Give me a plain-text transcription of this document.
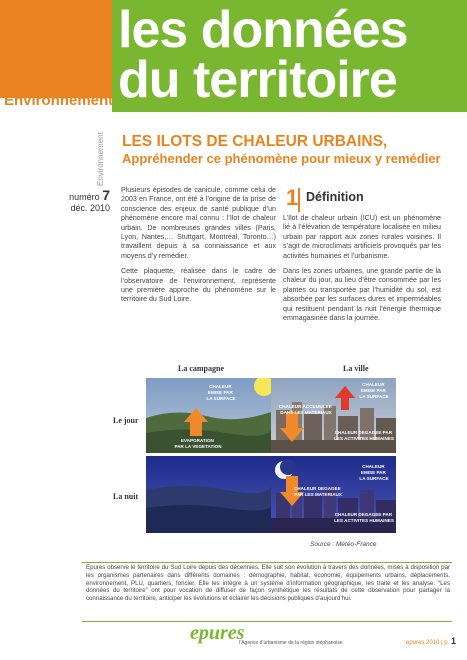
les données
du territoire
Environnement
Environnement	LES ILOTS DE CHALEUR URBAINS,
Appréhender ce phénomène pour mieux y remédier
numéro 7
déc. 2010

Plusieurs épisodes de canicule, comme celui de 2003 en France, ont été à l’origine de la prise de conscience des enjeux de santé publique d’un phénomène encore mal connu : l’Ilot de chaleur urbain. De nombreuses grandes villes (Paris, Lyon, Nantes,… Stuttgart, Montréal, Toronto…) travaillent depuis à sa connaissance et aux moyens d’y remédier.

Cette plaquette, réalisée dans le cadre de l’observatoire de l’environnement, représente une première approche du phénomène sur le territoire du Sud Loire.

1 Définition

L’Ilot de chaleur urbain (ICU) est un phénomène lié à l’élévation de température localisée en milieu urbain par rapport aux zones rurales voisines. Il s’agit de microclimats artificiels provoqués par les activités humaines et l’urbanisme.

Dans les zones urbaines, une grande partie de la chaleur du jour, au lieu d’être consommée par les plantes ou transportée par l’humidité du sol, est absorbée par les surfaces dures et imperméables qui restituent pendant la nuit l’énergie thermique emmagasinée dans la journée.

La campagne	La ville
Le jour
La nuit
CHALEUR EMISE PAR LA SURFACE
EVAPORATION PAR LA VEGETATION
CHALEUR EMISE PAR LA SURFACE
CHALEUR ACCUMULEE DANS LES MATERIAUX
CHALEUR DEGAGEE PAR LES ACTIVITES HUMAINES
CHALEUR EMISE PAR LA SURFACE
CHALEUR DEGAGEE PAR LES MATERIAUX
CHALEUR DEGAGEE PAR LES ACTIVITES HUMAINES
Source : Météo-France
Epures observe le territoire du Sud Loire depuis des décennies. Elle suit son évolution à travers des données, mises à disposition par les organismes partenaires dans différents domaines : démographie, habitat, économie, équipements urbains, déplacements, environnement, PLU, quartiers, foncier. Elle les intègre à un système d’information géographique, les traite et les analyse. “Les données du territoire” ont pour vocation de diffuser de façon synthétique les résultats de cette observation pour partager la connaissance du territoire, anticiper les évolutions et éclairer les décisions publiques d’aujourd’hui.
epures
l’Agence d’urbanisme de la région stéphanoise	epures 2010 | p. 1
